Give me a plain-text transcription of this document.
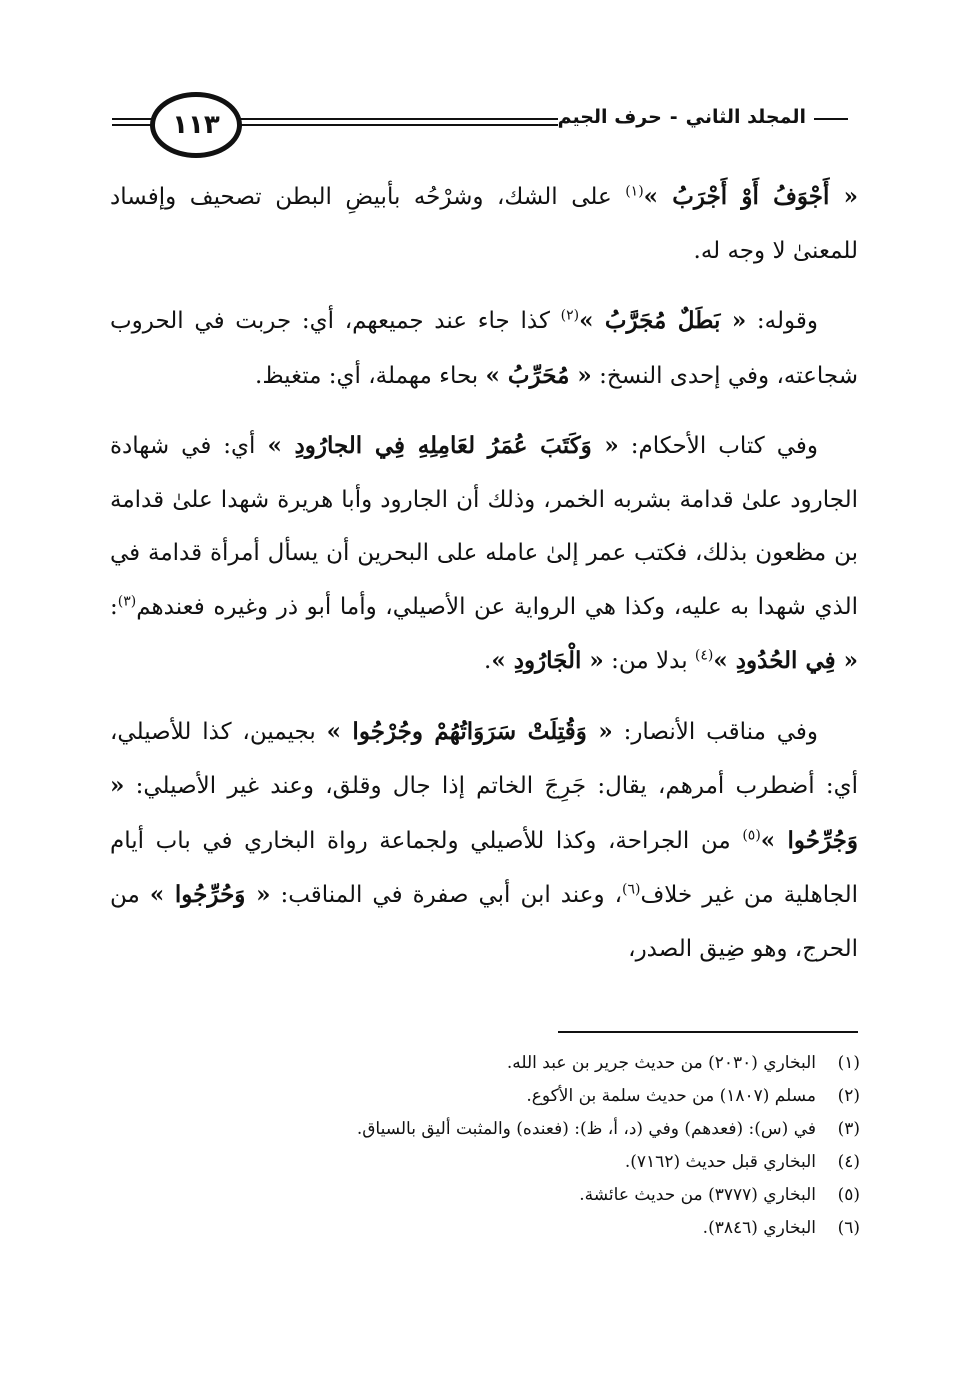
١١٣	المجلد الثاني
-
حرف الجيم

« أَجْوَفُ أَوْ أَجْرَبُ »$^{(١)}$ على الشك، وشرْحُه بأبيضِ البطن تصحيف وإفساد للمعنىٰ لا وجه له.

وقوله: « بَطَلٌ مُجَرَّبُ »$^{(٢)}$ كذا جاء عند جميعهم، أي: جربت في الحروب شجاعته، وفي إحدى النسخ: « مُحَرِّبُ » بحاء مهملة، أي: متغيظ.

وفي كتاب الأحكام: « وَكَتَبَ عُمَرُ لعَامِلِهِ فِي الجارُودِ » أي: في شهادة الجارود علىٰ قدامة بشربه الخمر، وذلك أن الجارود وأبا هريرة شهدا علىٰ قدامة بن مظعون بذلك، فكتب عمر إلىٰ عامله على البحرين أن يسأل أمرأة قدامة في الذي شهدا به عليه، وكذا هي الرواية عن الأصيلي، وأما أبو ذر وغيره فعندهم$^{(٣)}$: « فِي الحُدُودِ »$^{(٤)}$ بدلا من: « الْجَارُودِ ».

وفي مناقب الأنصار: « وَقُتِلَتْ سَرَوَاتُهُمْ وجُرْجُوا » بجيمين، كذا للأصيلي، أي: أضطرب أمرهم، يقال: جَرِجَ الخاتم إذا جال وقلق، وعند غير الأصيلي: « وَجُرِّحُوا »$^{(٥)}$ من الجراحة، وكذا للأصيلي ولجماعة رواة البخاري في باب أيام الجاهلية من غير خلاف$^{(٦)}$، وعند ابن أبي صفرة في المناقب: « وَحُرِّجُوا » من الحرج، وهو ضِيق الصدر،

(١)
البخاري (٢٠٣٠) من حديث جرير بن عبد الله.
(٢)
مسلم (١٨٠٧) من حديث سلمة بن الأكوع.
(٣)
في (س): (فعدهم) وفي (د، أ، ظ): (فعنده) والمثبت أليق بالسياق.
(٤)
البخاري قبل حديث (٧١٦٢).
(٥)
البخاري (٣٧٧٧) من حديث عائشة.
(٦)
البخاري (٣٨٤٦).
